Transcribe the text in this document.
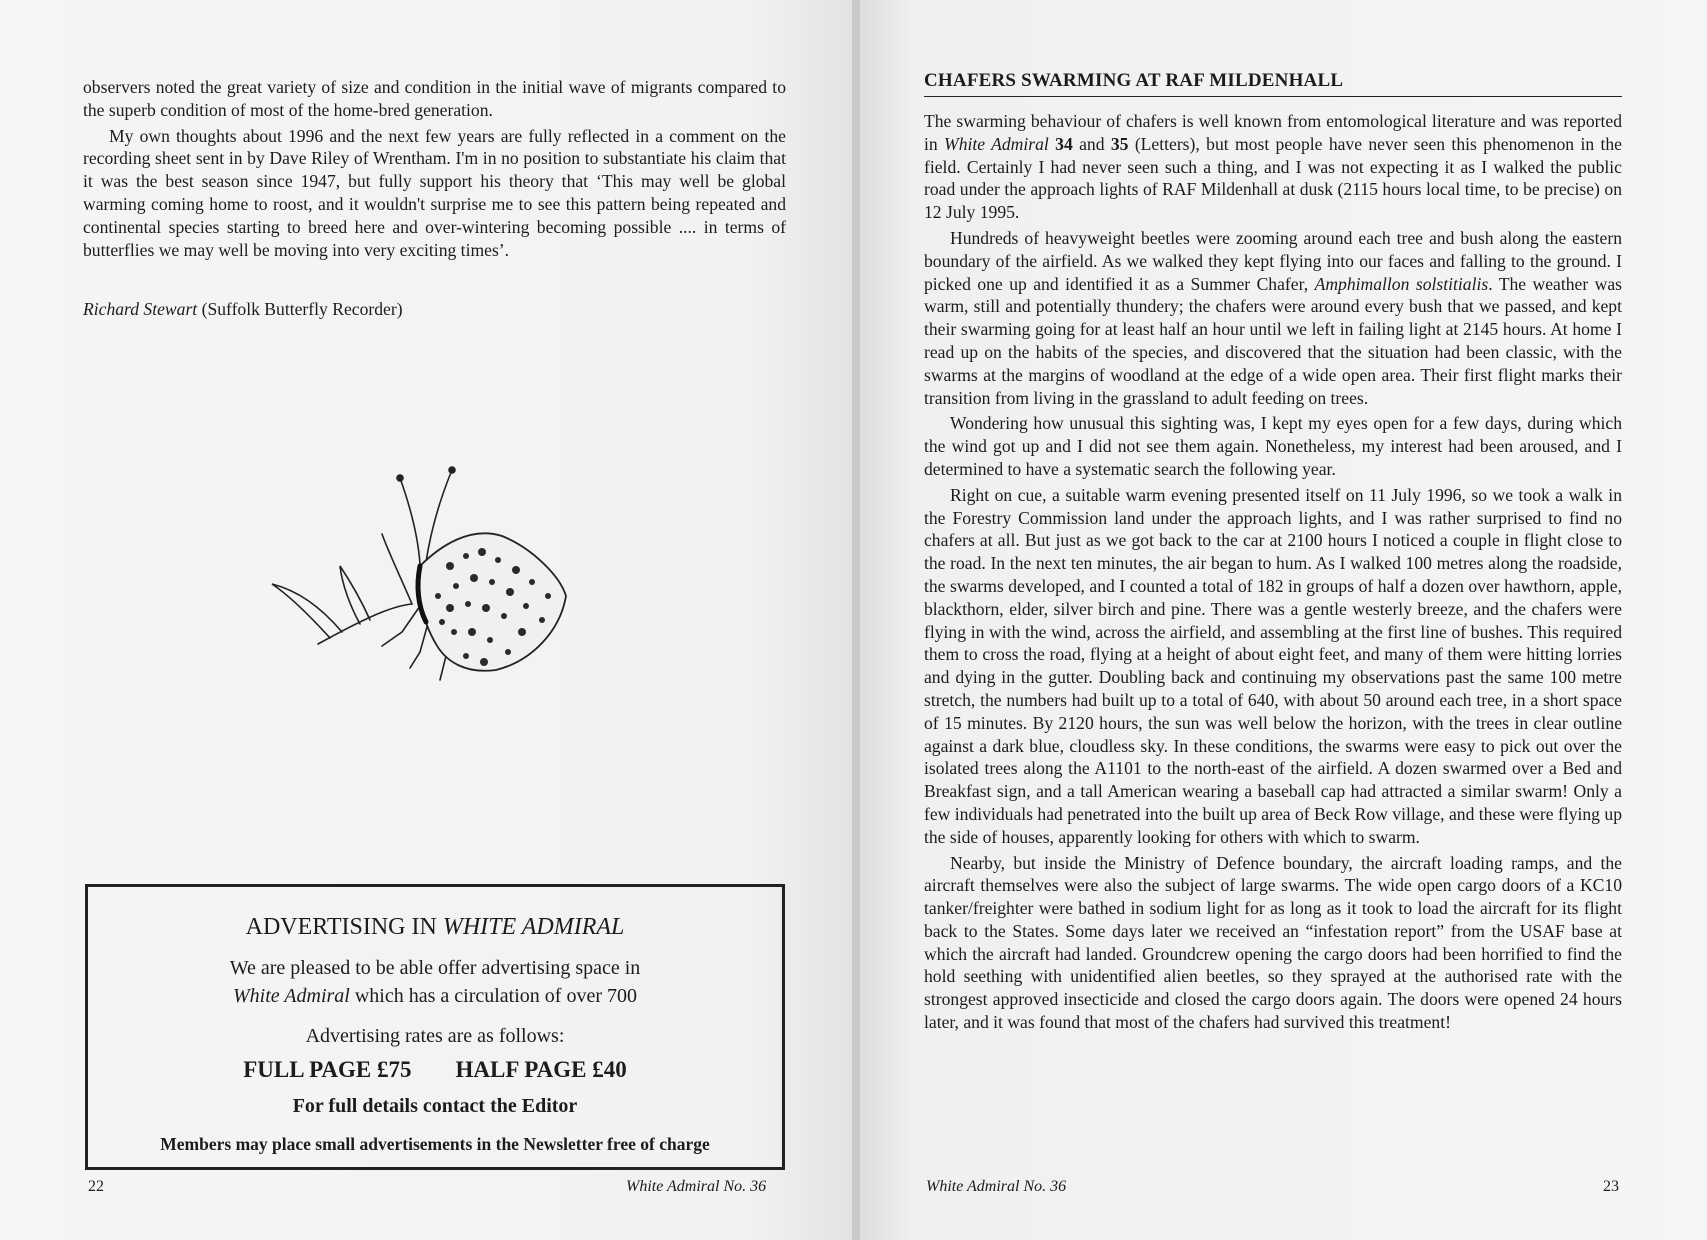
observers noted the great variety of size and condition in the initial wave of migrants compared to the superb condition of most of the home-bred generation.

My own thoughts about 1996 and the next few years are fully reflected in a comment on the recording sheet sent in by Dave Riley of Wrentham. I'm in no position to substantiate his claim that it was the best season since 1947, but fully support his theory that ‘This may well be global warming coming home to roost, and it wouldn't surprise me to see this pattern being repeated and continental species starting to breed here and over-wintering becoming possible .... in terms of butterflies we may well be moving into very exciting times’.

Richard Stewart (Suffolk Butterfly Recorder)
ADVERTISING IN WHITE ADMIRAL
We are pleased to be able offer advertising space in
White Admiral which has a circulation of over 700
Advertising rates are as follows:
FULL PAGE £75 HALF PAGE £40
For full details contact the Editor
Members may place small advertisements in the Newsletter free of charge
22	White Admiral No. 36
CHAFERS SWARMING AT RAF MILDENHALL

The swarming behaviour of chafers is well known from entomological literature and was reported in White Admiral 34 and 35 (Letters), but most people have never seen this phenomenon in the field. Certainly I had never seen such a thing, and I was not expecting it as I walked the public road under the approach lights of RAF Mildenhall at dusk (2115 hours local time, to be precise) on 12 July 1995.

Hundreds of heavyweight beetles were zooming around each tree and bush along the eastern boundary of the airfield. As we walked they kept flying into our faces and falling to the ground. I picked one up and identified it as a Summer Chafer, Amphimallon solstitialis. The weather was warm, still and potentially thundery; the chafers were around every bush that we passed, and kept their swarming going for at least half an hour until we left in failing light at 2145 hours. At home I read up on the habits of the species, and discovered that the situation had been classic, with the swarms at the margins of woodland at the edge of a wide open area. Their first flight marks their transition from living in the grassland to adult feeding on trees.

Wondering how unusual this sighting was, I kept my eyes open for a few days, during which the wind got up and I did not see them again. Nonetheless, my interest had been aroused, and I determined to have a systematic search the following year.

Right on cue, a suitable warm evening presented itself on 11 July 1996, so we took a walk in the Forestry Commission land under the approach lights, and I was rather surprised to find no chafers at all. But just as we got back to the car at 2100 hours I noticed a couple in flight close to the road. In the next ten minutes, the air began to hum. As I walked 100 metres along the roadside, the swarms developed, and I counted a total of 182 in groups of half a dozen over hawthorn, apple, blackthorn, elder, silver birch and pine. There was a gentle westerly breeze, and the chafers were flying in with the wind, across the airfield, and assembling at the first line of bushes. This required them to cross the road, flying at a height of about eight feet, and many of them were hitting lorries and dying in the gutter. Doubling back and continuing my observations past the same 100 metre stretch, the numbers had built up to a total of 640, with about 50 around each tree, in a short space of 15 minutes. By 2120 hours, the sun was well below the horizon, with the trees in clear outline against a dark blue, cloudless sky. In these conditions, the swarms were easy to pick out over the isolated trees along the A1101 to the north-east of the airfield. A dozen swarmed over a Bed and Breakfast sign, and a tall American wearing a baseball cap had attracted a similar swarm! Only a few individuals had penetrated into the built up area of Beck Row village, and these were flying up the side of houses, apparently looking for others with which to swarm.

Nearby, but inside the Ministry of Defence boundary, the aircraft loading ramps, and the aircraft themselves were also the subject of large swarms. The wide open cargo doors of a KC10 tanker/freighter were bathed in sodium light for as long as it took to load the aircraft for its flight back to the States. Some days later we received an “infestation report” from the USAF base at which the aircraft had landed. Groundcrew opening the cargo doors had been horrified to find the hold seething with unidentified alien beetles, so they sprayed at the authorised rate with the strongest approved insecticide and closed the cargo doors again. The doors were opened 24 hours later, and it was found that most of the chafers had survived this treatment!

White Admiral No. 36	23
